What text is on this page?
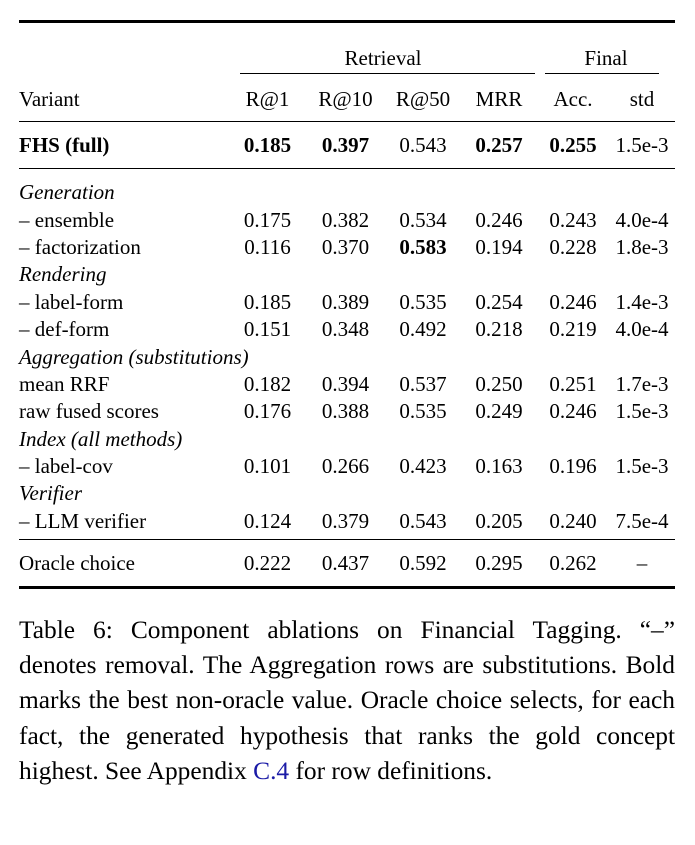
	Retrieval				Final	

Variant	R@1	R@10	R@50	MRR	Acc.	std

FHS (full)	0.185	0.397	0.543	0.257	0.255	1.5e-3

Generation						
– ensemble	0.175	0.382	0.534	0.246	0.243	4.0e-4
– factorization	0.116	0.370	0.583	0.194	0.228	1.8e-3
Rendering						
– label-form	0.185	0.389	0.535	0.254	0.246	1.4e-3
– def-form	0.151	0.348	0.492	0.218	0.219	4.0e-4
Aggregation (substitutions)						
mean RRF	0.182	0.394	0.537	0.250	0.251	1.7e-3
raw fused scores	0.176	0.388	0.535	0.249	0.246	1.5e-3
Index (all methods)						
– label-cov	0.101	0.266	0.423	0.163	0.196	1.5e-3
Verifier						
– LLM verifier	0.124	0.379	0.543	0.205	0.240	7.5e-4

Oracle choice	0.222	0.437	0.592	0.295	0.262	–

Table 6: Component ablations on Financial Tagging. “–” denotes removal. The Aggregation rows are substitutions. Bold marks the best non-oracle value. Oracle choice selects, for each fact, the generated hypothesis that ranks the gold concept highest. See Appendix C.4 for row definitions.
